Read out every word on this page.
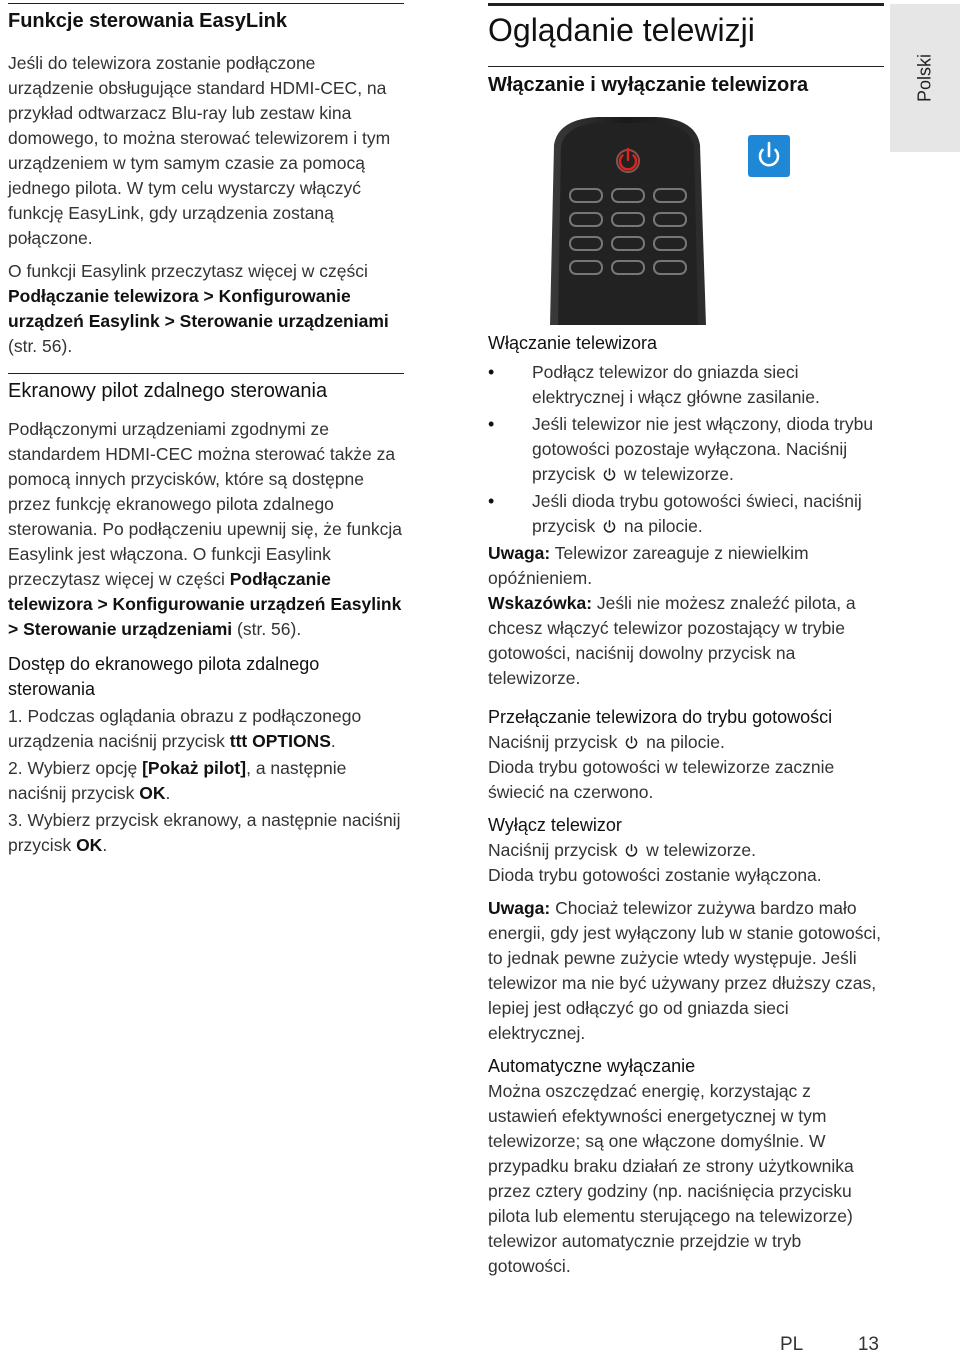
Funkcje sterowania EasyLink

Jeśli do telewizora zostanie podłączone urządzenie obsługujące standard HDMI-CEC, na przykład odtwarzacz Blu-ray lub zestaw kina domowego, to można sterować telewizorem i tym urządzeniem w tym samym czasie za pomocą jednego pilota. W tym celu wystarczy włączyć funkcję EasyLink, gdy urządzenia zostaną połączone.

O funkcji Easylink przeczytasz więcej w części Podłączanie telewizora > Konfigurowanie urządzeń Easylink > Sterowanie urządzeniami (str. 56).

Ekranowy pilot zdalnego sterowania

Podłączonymi urządzeniami zgodnymi ze standardem HDMI-CEC można sterować także za pomocą innych przycisków, które są dostępne przez funkcję ekranowego pilota zdalnego sterowania. Po podłączeniu upewnij się, że funkcja Easylink jest włączona. O funkcji Easylink przeczytasz więcej w części Podłączanie telewizora > Konfigurowanie urządzeń Easylink > Sterowanie urządzeniami (str. 56).

Dostęp do ekranowego pilota zdalnego sterowania

1. Podczas oglądania obrazu z podłączonego urządzenia naciśnij przycisk ttt OPTIONS.

2. Wybierz opcję [Pokaż pilot], a następnie naciśnij przycisk OK.

3. Wybierz przycisk ekranowy, a następnie naciśnij przycisk OK.

Oglądanie telewizji
Włączanie i wyłączanie telewizora
Włączanie telewizora
• Podłącz telewizor do gniazda sieci elektrycznej i włącz główne zasilanie.
• Jeśli telewizor nie jest włączony, dioda trybu gotowości pozostaje wyłączona. Naciśnij przycisk  w telewizorze.
• Jeśli dioda trybu gotowości świeci, naciśnij przycisk  na pilocie.

Uwaga: Telewizor zareaguje z niewielkim opóźnieniem.

Wskazówka: Jeśli nie możesz znaleźć pilota, a chcesz włączyć telewizor pozostający w trybie gotowości, naciśnij dowolny przycisk na telewizorze.

Przełączanie telewizora do trybu gotowości

Naciśnij przycisk  na pilocie.

Dioda trybu gotowości w telewizorze zacznie świecić na czerwono.

Wyłącz telewizor

Naciśnij przycisk  w telewizorze.

Dioda trybu gotowości zostanie wyłączona.

Uwaga: Chociaż telewizor zużywa bardzo mało energii, gdy jest wyłączony lub w stanie gotowości, to jednak pewne zużycie wtedy występuje. Jeśli telewizor ma nie być używany przez dłuższy czas, lepiej jest odłączyć go od gniazda sieci elektrycznej.

Automatyczne wyłączanie

Można oszczędzać energię, korzystając z ustawień efektywności energetycznej w tym telewizorze; są one włączone domyślnie. W przypadku braku działań ze strony użytkownika przez cztery godziny (np. naciśnięcia przycisku pilota lub elementu sterującego na telewizorze) telewizor automatycznie przejdzie w tryb gotowości.

Polski
PL	13
